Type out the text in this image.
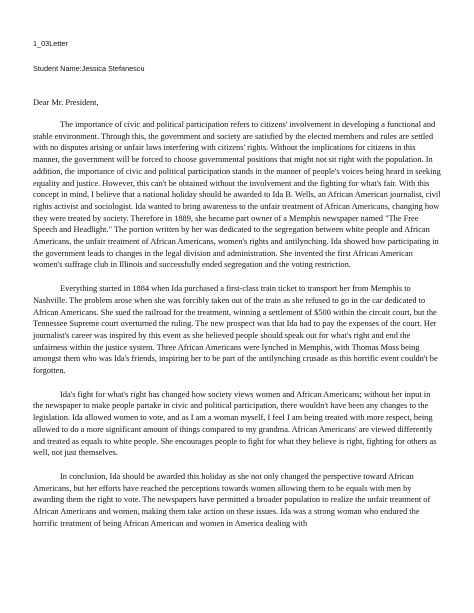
1_03Letter
Student Name:Jessica Stefanescu
Dear Mr. President,

The importance of civic and political participation refers to citizens' involvement in developing a functional and stable environment. Through this, the government and society are satisfied by the elected members and rules are settled with no disputes arising or unfair laws interfering with citizens' rights. Without the implications for citizens in this manner, the government will be forced to choose governmental positions that might not sit right with the population. In addition, the importance of civic and political participation stands in the manner of people's voices being heard in seeking equality and justice. However, this can't be obtained without the involvement and the fighting for what's fair. With this concept in mind, I believe that a national holiday should be awarded to Ida B. Wells, an African American journalist, civil rights activist and sociologist. Ida wanted to bring awareness to the unfair treatment of African Americans, changing how they were treated by society. Therefore in 1889, she became part owner of a Memphis newspaper named "The Free Speech and Headlight." The portion written by her was dedicated to the segregation between white people and African Americans, the unfair treatment of African Americans, women's rights and antilynching. Ida showed how participating in the government leads to changes in the legal division and administration. She invented the first African American women's suffrage club in Illinois and successfully ended segregation and the voting restriction.

Everything started in 1884 when Ida purchased a first-class train ticket to transport her from Memphis to Nashville. The problem arose when she was forcibly taken out of the train as she refused to go in the car dedicated to African Americans. She sued the railroad for the treatment, winning a settlement of $500 within the circuit court, but the Tennessee Supreme court overturned the ruling. The new prospect was that Ida had to pay the expenses of the court. Her journalist's career was inspired by this event as she believed people should speak out for what's right and end the unfairness within the justice system. Three African Americans were lynched in Memphis, with Thomas Moss being amongst them who was Ida's friends, inspiring her to be part of the antilynching crusade as this horrific event couldn't be forgotten.

Ida's fight for what's right has changed how society views women and African Americans; without her input in the newspaper to make people partake in civic and political participation, there wouldn't have been any changes to the legislation. Ida allowed women to vote, and as I am a woman myself, I feel I am being treated with more respect, being allowed to do a more significant amount of things compared to my grandma. African Americans' are viewed differently and treated as equals to white people. She encourages people to fight for what they believe is right, fighting for others as well, not just themselves.

In conclusion, Ida should be awarded this holiday as she not only changed the perspective toward African Americans, but her efforts have reached the perceptions towards women allowing them to be equals with men by awarding them the right to vote. The newspapers have permitted a broader population to realize the unfair treatment of African Americans and women, making them take action on these issues. Ida was a strong woman who endured the horrific treatment of being African American and women in America dealing with
